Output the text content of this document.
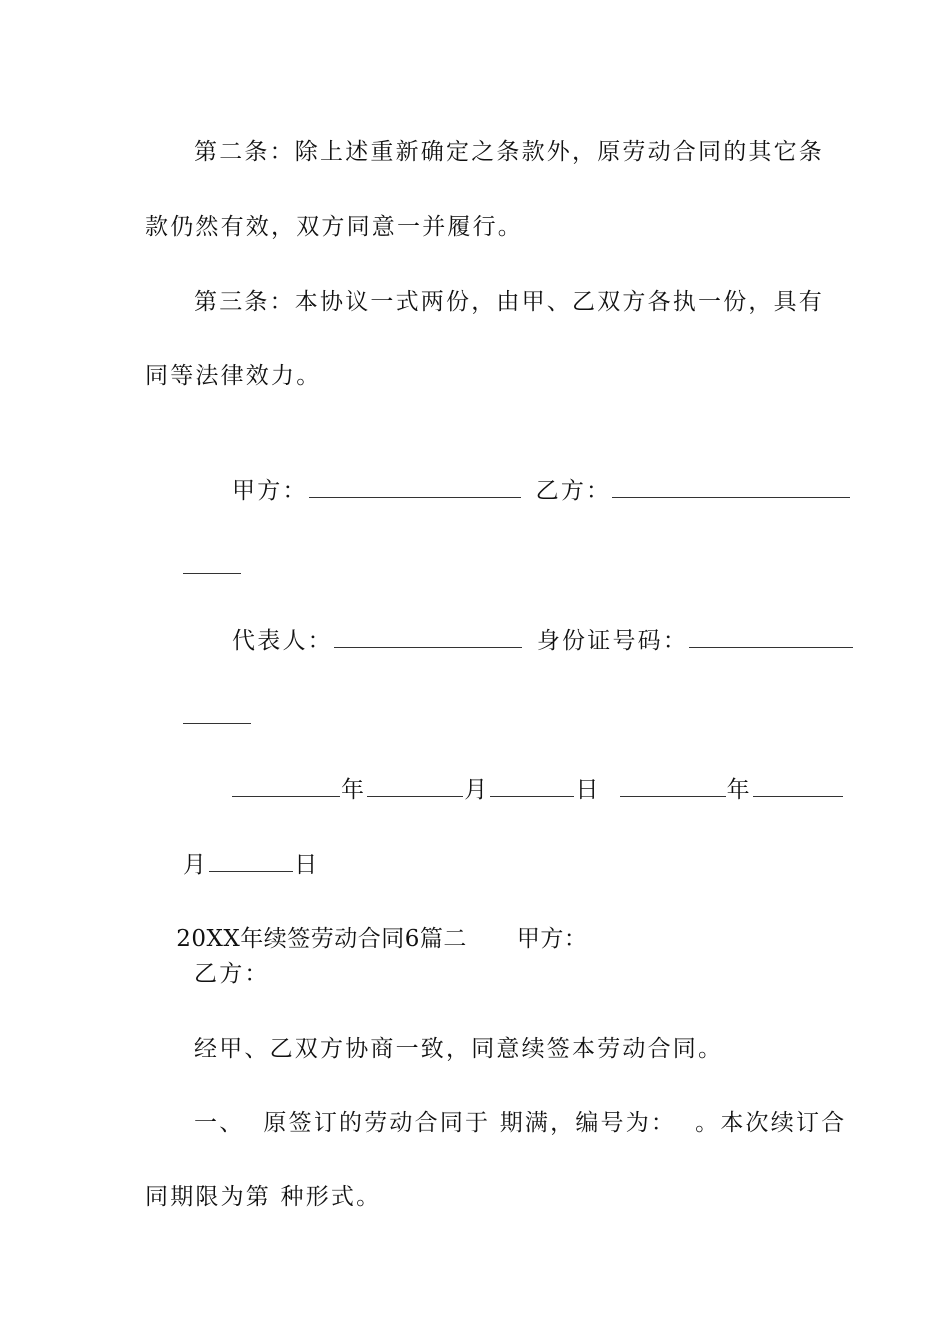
第二条：除上述重新确定之条款外，原劳动合同的其它条
款仍然有效，双方同意一并履行。
第三条：本协议一式两份，由甲、乙双方各执一份，具有
同等法律效力。

甲方：	乙方：

代表人：	身份证号码：

年	月	日	年

月	日

20XX年续签劳动合同6篇二 甲方：

乙方：
经甲、乙双方协商一致，同意续签本劳动合同。
一、  原签订的劳动合同于 期满，编号为：  。本次续订合
同期限为第 种形式。
